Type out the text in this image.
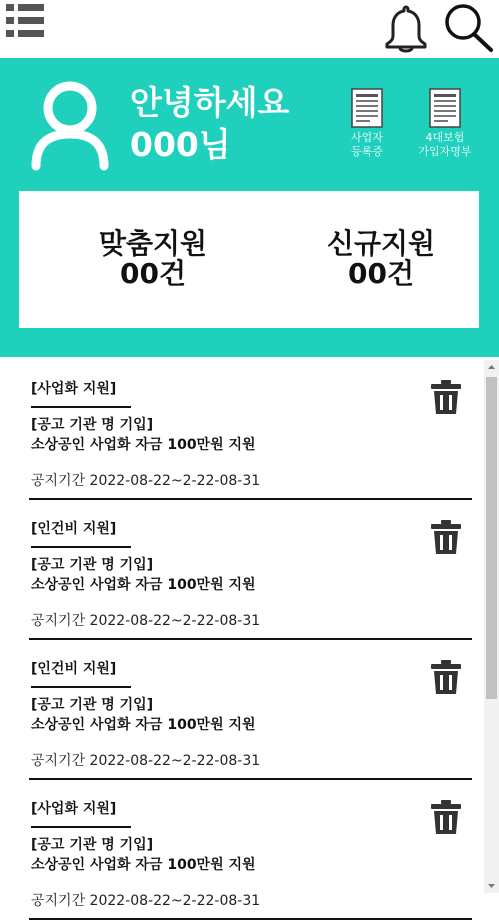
안녕하세요
000님	사업자
등록증
4대보험
가입자명부
맞춤지원
00건
신규지원
00건
[사업화 지원]
[공고 기관 명 기입]
소상공인 사업화 자금 100만원 지원
공지기간 2022-08-22~2-22-08-31
[인건비 지원]
[공고 기관 명 기입]
소상공인 사업화 자금 100만원 지원
공지기간 2022-08-22~2-22-08-31
[인건비 지원]
[공고 기관 명 기입]
소상공인 사업화 자금 100만원 지원
공지기간 2022-08-22~2-22-08-31
[사업화 지원]
[공고 기관 명 기입]
소상공인 사업화 자금 100만원 지원
공지기간 2022-08-22~2-22-08-31
